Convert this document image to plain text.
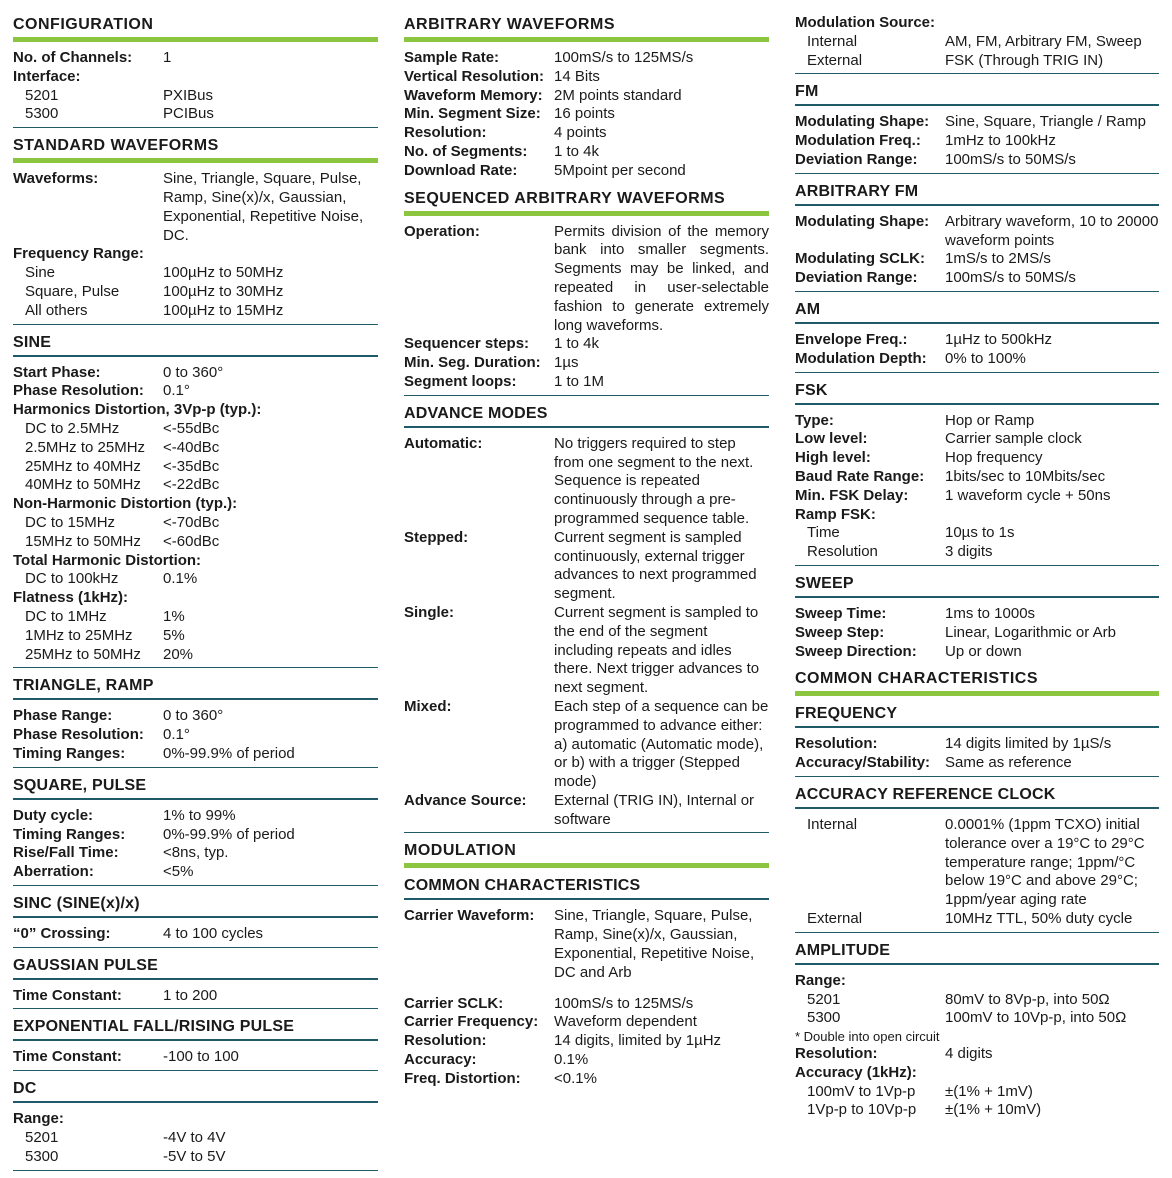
CONFIGURATION
No. of Channels:	1
Interface:
5201	PXIBus
5300	PCIBus
STANDARD WAVEFORMS
Waveforms:	Sine, Triangle, Square, Pulse, Ramp, Sine(x)/x, Gaussian, Exponential, Repetitive Noise, DC.
Frequency Range:
Sine	100µHz to 50MHz
Square, Pulse	100µHz to 30MHz
All others	100µHz to 15MHz
SINE
Start Phase:	0 to 360°
Phase Resolution:	0.1°
Harmonics Distortion, 3Vp-p (typ.):
DC to 2.5MHz	<-55dBc
2.5MHz to 25MHz	<-40dBc
25MHz to 40MHz	<-35dBc
40MHz to 50MHz	<-22dBc
Non-Harmonic Distortion (typ.):
DC to 15MHz	<-70dBc
15MHz to 50MHz	<-60dBc
Total Harmonic Distortion:
DC to 100kHz	0.1%
Flatness (1kHz):
DC to 1MHz	1%
1MHz to 25MHz	5%
25MHz to 50MHz	20%
TRIANGLE, RAMP
Phase Range:	0 to 360°
Phase Resolution:	0.1°
Timing Ranges:	0%-99.9% of period
SQUARE, PULSE
Duty cycle:	1% to 99%
Timing Ranges:	0%-99.9% of period
Rise/Fall Time:	<8ns, typ.
Aberration:	<5%
SINC (SINE(x)/x)
“0” Crossing:	4 to 100 cycles
GAUSSIAN PULSE
Time Constant:	1 to 200
EXPONENTIAL FALL/RISING PULSE
Time Constant:	-100 to 100
DC
Range:
5201	-4V to 4V
5300	-5V to 5V
ARBITRARY WAVEFORMS
Sample Rate:	100mS/s to 125MS/s
Vertical Resolution: 14 Bits
Waveform Memory: 2M points standard
Min. Segment Size: 16 points
Resolution:	4 points
No. of Segments:	1 to 4k
Download Rate:	5Mpoint per second
SEQUENCED ARBITRARY WAVEFORMS
Operation:	Permits division of the memory bank into smaller segments. Segments may be linked, and repeated in user-selectable fashion to generate extremely long waveforms.
Sequencer steps:	1 to 4k
Min. Seg. Duration: 1µs
Segment loops:	1 to 1M
ADVANCE MODES
Automatic:	No triggers required to step from one segment to the next. Sequence is repeated continuously through a pre-programmed sequence table.
Stepped:	Current segment is sampled continuously, external trigger advances to next programmed segment.
Single:	Current segment is sampled to the end of the segment including repeats and idles there. Next trigger advances to next segment.
Mixed:	Each step of a sequence can be programmed to advance either: a) automatic (Automatic mode), or b) with a trigger (Stepped mode)
Advance Source:	External (TRIG IN), Internal or software
MODULATION
COMMON CHARACTERISTICS
Carrier Waveform:	Sine, Triangle, Square, Pulse, Ramp, Sine(x)/x, Gaussian, Exponential, Repetitive Noise, DC and Arb
Carrier SCLK:	100mS/s to 125MS/s
Carrier Frequency:	Waveform dependent
Resolution:	14 digits, limited by 1µHz
Accuracy:	0.1%
Freq. Distortion:	<0.1%
Modulation Source:
Internal	AM, FM, Arbitrary FM, Sweep
External	FSK (Through TRIG IN)
FM
Modulating Shape:	Sine, Square, Triangle / Ramp
Modulation Freq.:	1mHz to 100kHz
Deviation Range:	100mS/s to 50MS/s
ARBITRARY FM
Modulating Shape:	Arbitrary waveform, 10 to 20000 waveform points
Modulating SCLK:	1mS/s to 2MS/s
Deviation Range:	100mS/s to 50MS/s
AM
Envelope Freq.:	1µHz to 500kHz
Modulation Depth:	0% to 100%
FSK
Type:	Hop or Ramp
Low level:	Carrier sample clock
High level:	Hop frequency
Baud Rate Range:	1bits/sec to 10Mbits/sec
Min. FSK Delay:	1 waveform cycle + 50ns
Ramp FSK:
Time	10µs to 1s
Resolution	3 digits
SWEEP
Sweep Time:	1ms to 1000s
Sweep Step:	Linear, Logarithmic or Arb
Sweep Direction:	Up or down
COMMON CHARACTERISTICS
FREQUENCY
Resolution:	14 digits limited by 1µS/s
Accuracy/Stability: Same as reference
ACCURACY REFERENCE CLOCK
Internal	0.0001% (1ppm TCXO) initial tolerance over a 19°C to 29°C temperature range; 1ppm/°C below 19°C and above 29°C; 1ppm/year aging rate
External	10MHz TTL, 50% duty cycle
AMPLITUDE
Range:
5201	80mV to 8Vp-p, into 50Ω
5300	100mV to 10Vp-p, into 50Ω
* Double into open circuit
Resolution:	4 digits
Accuracy (1kHz):
100mV to 1Vp-p	±(1% + 1mV)
1Vp-p to 10Vp-p	±(1% + 10mV)
